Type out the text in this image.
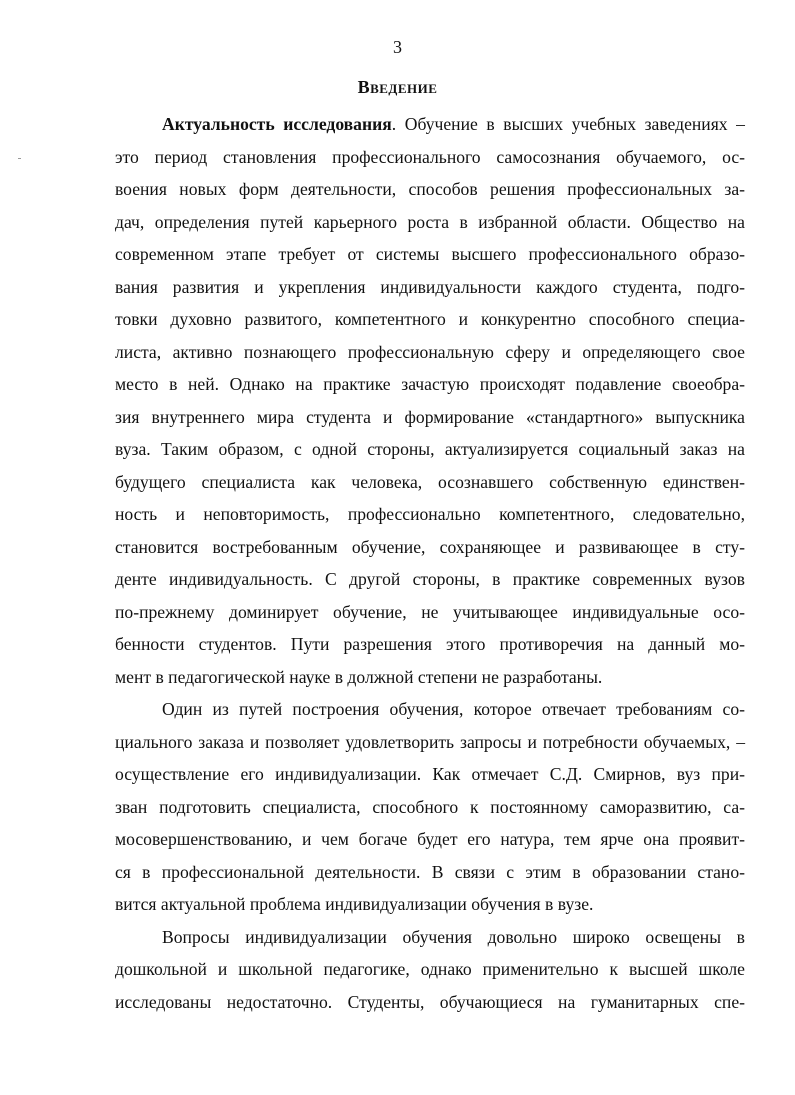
3
Введение
Актуальность исследования. Обучение в высших учебных заведениях –
это период становления профессионального самосознания обучаемого, ос-
воения новых форм деятельности, способов решения профессиональных за-
дач, определения путей карьерного роста в избранной области. Общество на
современном этапе требует от системы высшего профессионального образо-
вания развития и укрепления индивидуальности каждого студента, подго-
товки духовно развитого, компетентного и конкурентно способного специа-
листа, активно познающего профессиональную сферу и определяющего свое
место в ней. Однако на практике зачастую происходят подавление своеобра-
зия внутреннего мира студента и формирование «стандартного» выпускника
вуза. Таким образом, с одной стороны, актуализируется социальный заказ на
будущего специалиста как человека, осознавшего собственную единствен-
ность и неповторимость, профессионально компетентного, следовательно,
становится востребованным обучение, сохраняющее и развивающее в сту-
денте индивидуальность. С другой стороны, в практике современных вузов
по-прежнему доминирует обучение, не учитывающее индивидуальные осо-
бенности студентов. Пути разрешения этого противоречия на данный мо-
мент в педагогической науке в должной степени не разработаны.
Один из путей построения обучения, которое отвечает требованиям со-
циального заказа и позволяет удовлетворить запросы и потребности обучаемых, –
осуществление его индивидуализации. Как отмечает С.Д. Смирнов, вуз при-
зван подготовить специалиста, способного к постоянному саморазвитию, са-
мосовершенствованию, и чем богаче будет его натура, тем ярче она проявит-
ся в профессиональной деятельности. В связи с этим в образовании стано-
вится актуальной проблема индивидуализации обучения в вузе.
Вопросы индивидуализации обучения довольно широко освещены в
дошкольной и школьной педагогике, однако применительно к высшей школе
исследованы недостаточно. Студенты, обучающиеся на гуманитарных спе-
